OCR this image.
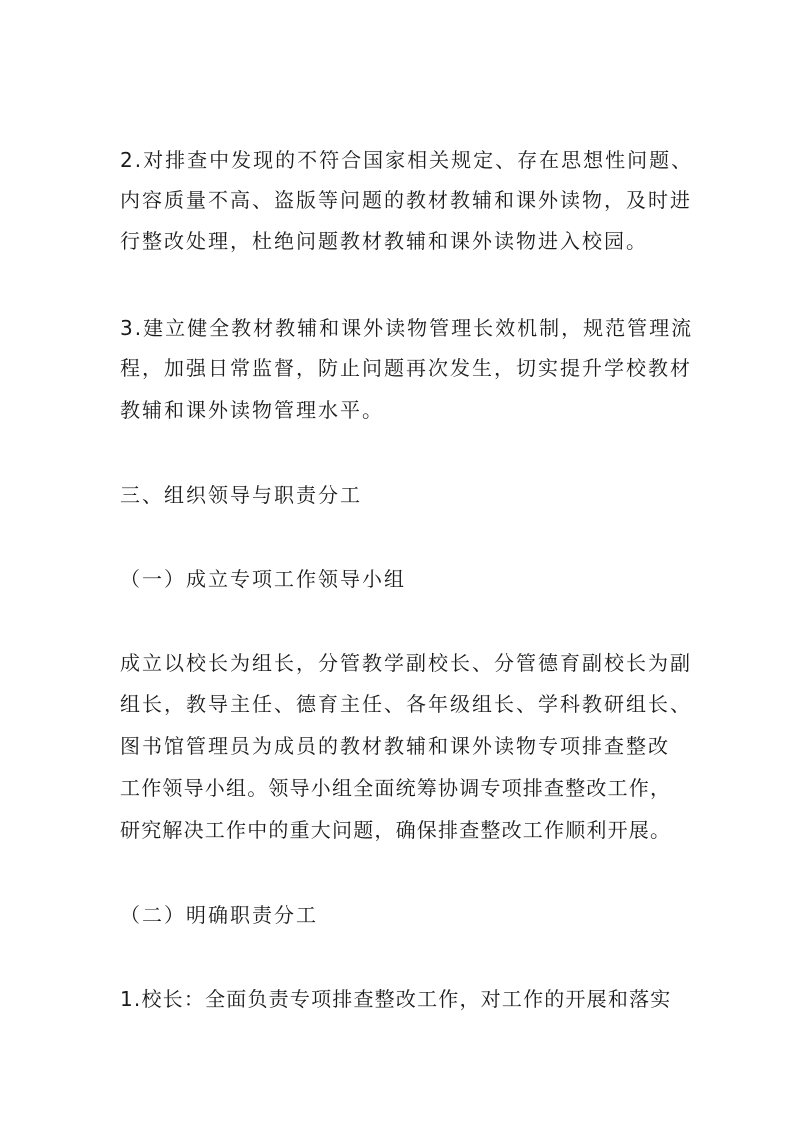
2.对排查中发现的不符合国家相关规定、存在思想性问题、
内容质量不高、盗版等问题的教材教辅和课外读物，及时进
行整改处理，杜绝问题教材教辅和课外读物进入校园。
3.建立健全教材教辅和课外读物管理长效机制，规范管理流
程，加强日常监督，防止问题再次发生，切实提升学校教材
教辅和课外读物管理水平。
三、组织领导与职责分工
（一）成立专项工作领导小组
成立以校长为组长，分管教学副校长、分管德育副校长为副
组长，教导主任、德育主任、各年级组长、学科教研组长、
图书馆管理员为成员的教材教辅和课外读物专项排查整改
工作领导小组。领导小组全面统筹协调专项排查整改工作，
研究解决工作中的重大问题，确保排查整改工作顺利开展。
（二）明确职责分工
1.校长：全面负责专项排查整改工作，对工作的开展和落实
